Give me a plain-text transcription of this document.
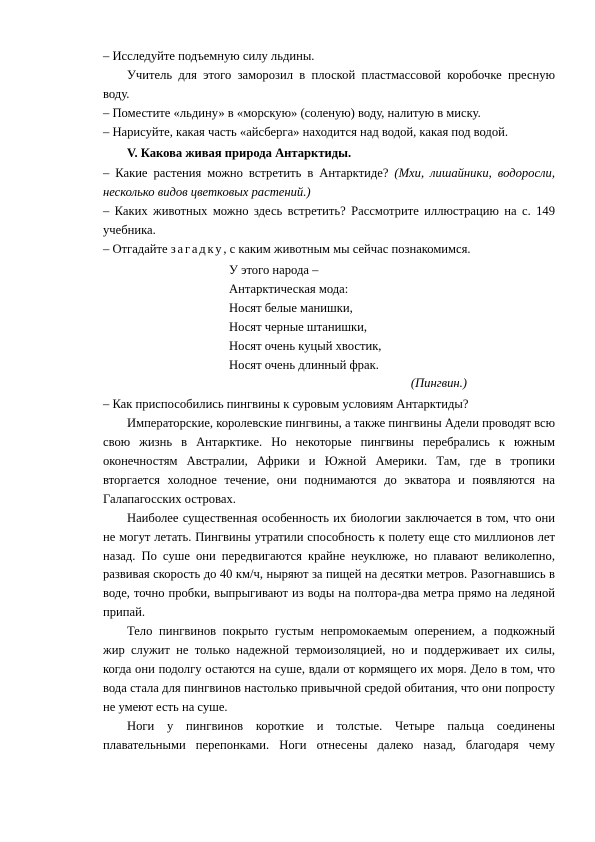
– Исследуйте подъемную силу льдины.

Учитель для этого заморозил в плоской пластмассовой коробочке пресную воду.

– Поместите «льдину» в «морскую» (соленую) воду, налитую в миску.

– Нарисуйте, какая часть «айсберга» находится над водой, какая под водой.

V. Какова живая природа Антарктиды.

– Какие растения можно встретить в Антарктиде? (Мхи, лишайники, водоросли, несколько видов цветковых растений.)

– Каких животных можно здесь встретить? Рассмотрите иллюстрацию на с. 149 учебника.

– Отгадайте загадку, с каким животным мы сейчас познакомимся.

У этого народа –
Антарктическая мода:
Носят белые манишки,
Носят черные штанишки,
Носят очень куцый хвостик,
Носят очень длинный фрак.
(Пингвин.)

– Как приспособились пингвины к суровым условиям Антарктиды?

Императорские, королевские пингвины, а также пингвины Адели проводят всю свою жизнь в Антарктике. Но некоторые пингвины перебрались к южным оконечностям Австралии, Африки и Южной Америки. Там, где в тропики вторгается холодное течение, они поднимаются до экватора и появляются на Галапагосских островах.

Наиболее существенная особенность их биологии заключается в том, что они не могут летать. Пингвины утратили способность к полету еще сто миллионов лет назад. По суше они передвигаются крайне неуклюже, но плавают великолепно, развивая скорость до 40 км/ч, ныряют за пищей на десятки метров. Разогнавшись в воде, точно пробки, выпрыгивают из воды на полтора-два метра прямо на ледяной припай.

Тело пингвинов покрыто густым непромокаемым оперением, а подкожный жир служит не только надежной термоизоляцией, но и поддерживает их силы, когда они подолгу остаются на суше, вдали от кормящего их моря. Дело в том, что вода стала для пингвинов настолько привычной средой обитания, что они попросту не умеют есть на суше.

Ноги у пингвинов короткие и толстые. Четыре пальца соединены плавательными перепонками. Ноги отнесены далеко назад, благодаря чему
